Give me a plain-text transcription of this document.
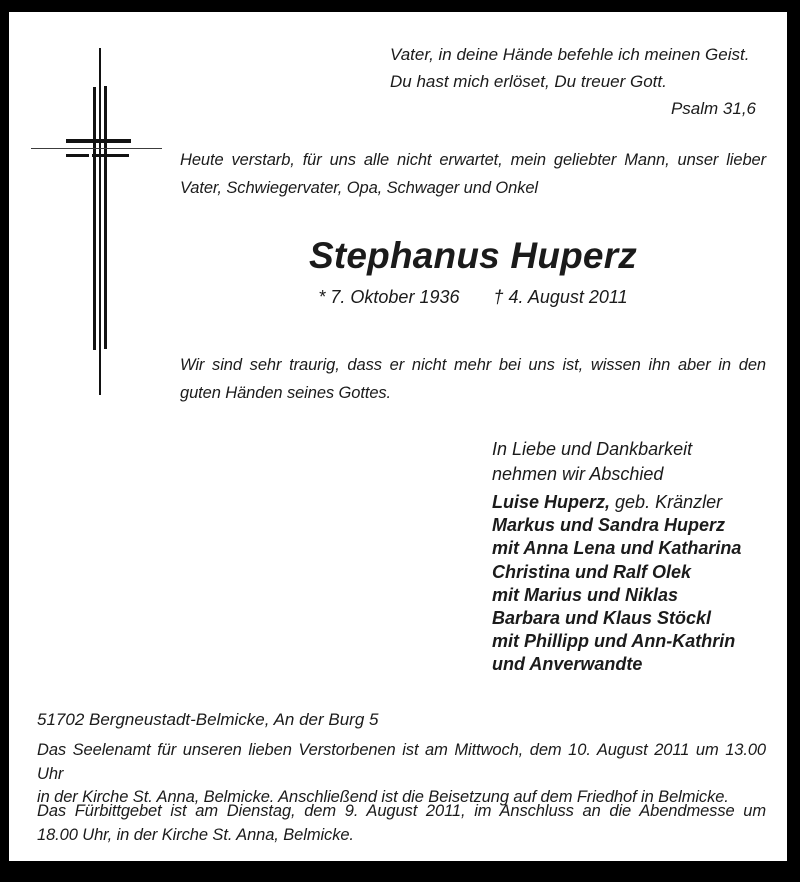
Vater, in deine Hände befehle ich meinen Geist.
Du hast mich erlöset, Du treuer Gott.
Psalm 31,6
Heute verstarb, für uns alle nicht erwartet, mein geliebter Mann, unser lieber
Vater, Schwiegervater, Opa, Schwager und Onkel
Stephanus Huperz
* 7. Oktober 1936 † 4. August 2011
Wir sind sehr traurig, dass er nicht mehr bei uns ist, wissen ihn aber in den
guten Händen seines Gottes.
In Liebe und Dankbarkeit
nehmen wir Abschied
Luise Huperz, geb. Kränzler
Markus und Sandra Huperz
mit Anna Lena und Katharina
Christina und Ralf Olek
mit Marius und Niklas
Barbara und Klaus Stöckl
mit Phillipp und Ann-Kathrin
und Anverwandte
51702 Bergneustadt-Belmicke, An der Burg 5
Das Seelenamt für unseren lieben Verstorbenen ist am Mittwoch, dem 10. August 2011 um 13.00 Uhr
in der Kirche St. Anna, Belmicke. Anschließend ist die Beisetzung auf dem Friedhof in Belmicke.
Das Fürbittgebet ist am Dienstag, dem 9. August 2011, im Anschluss an die Abendmesse um
18.00 Uhr, in der Kirche St. Anna, Belmicke.
